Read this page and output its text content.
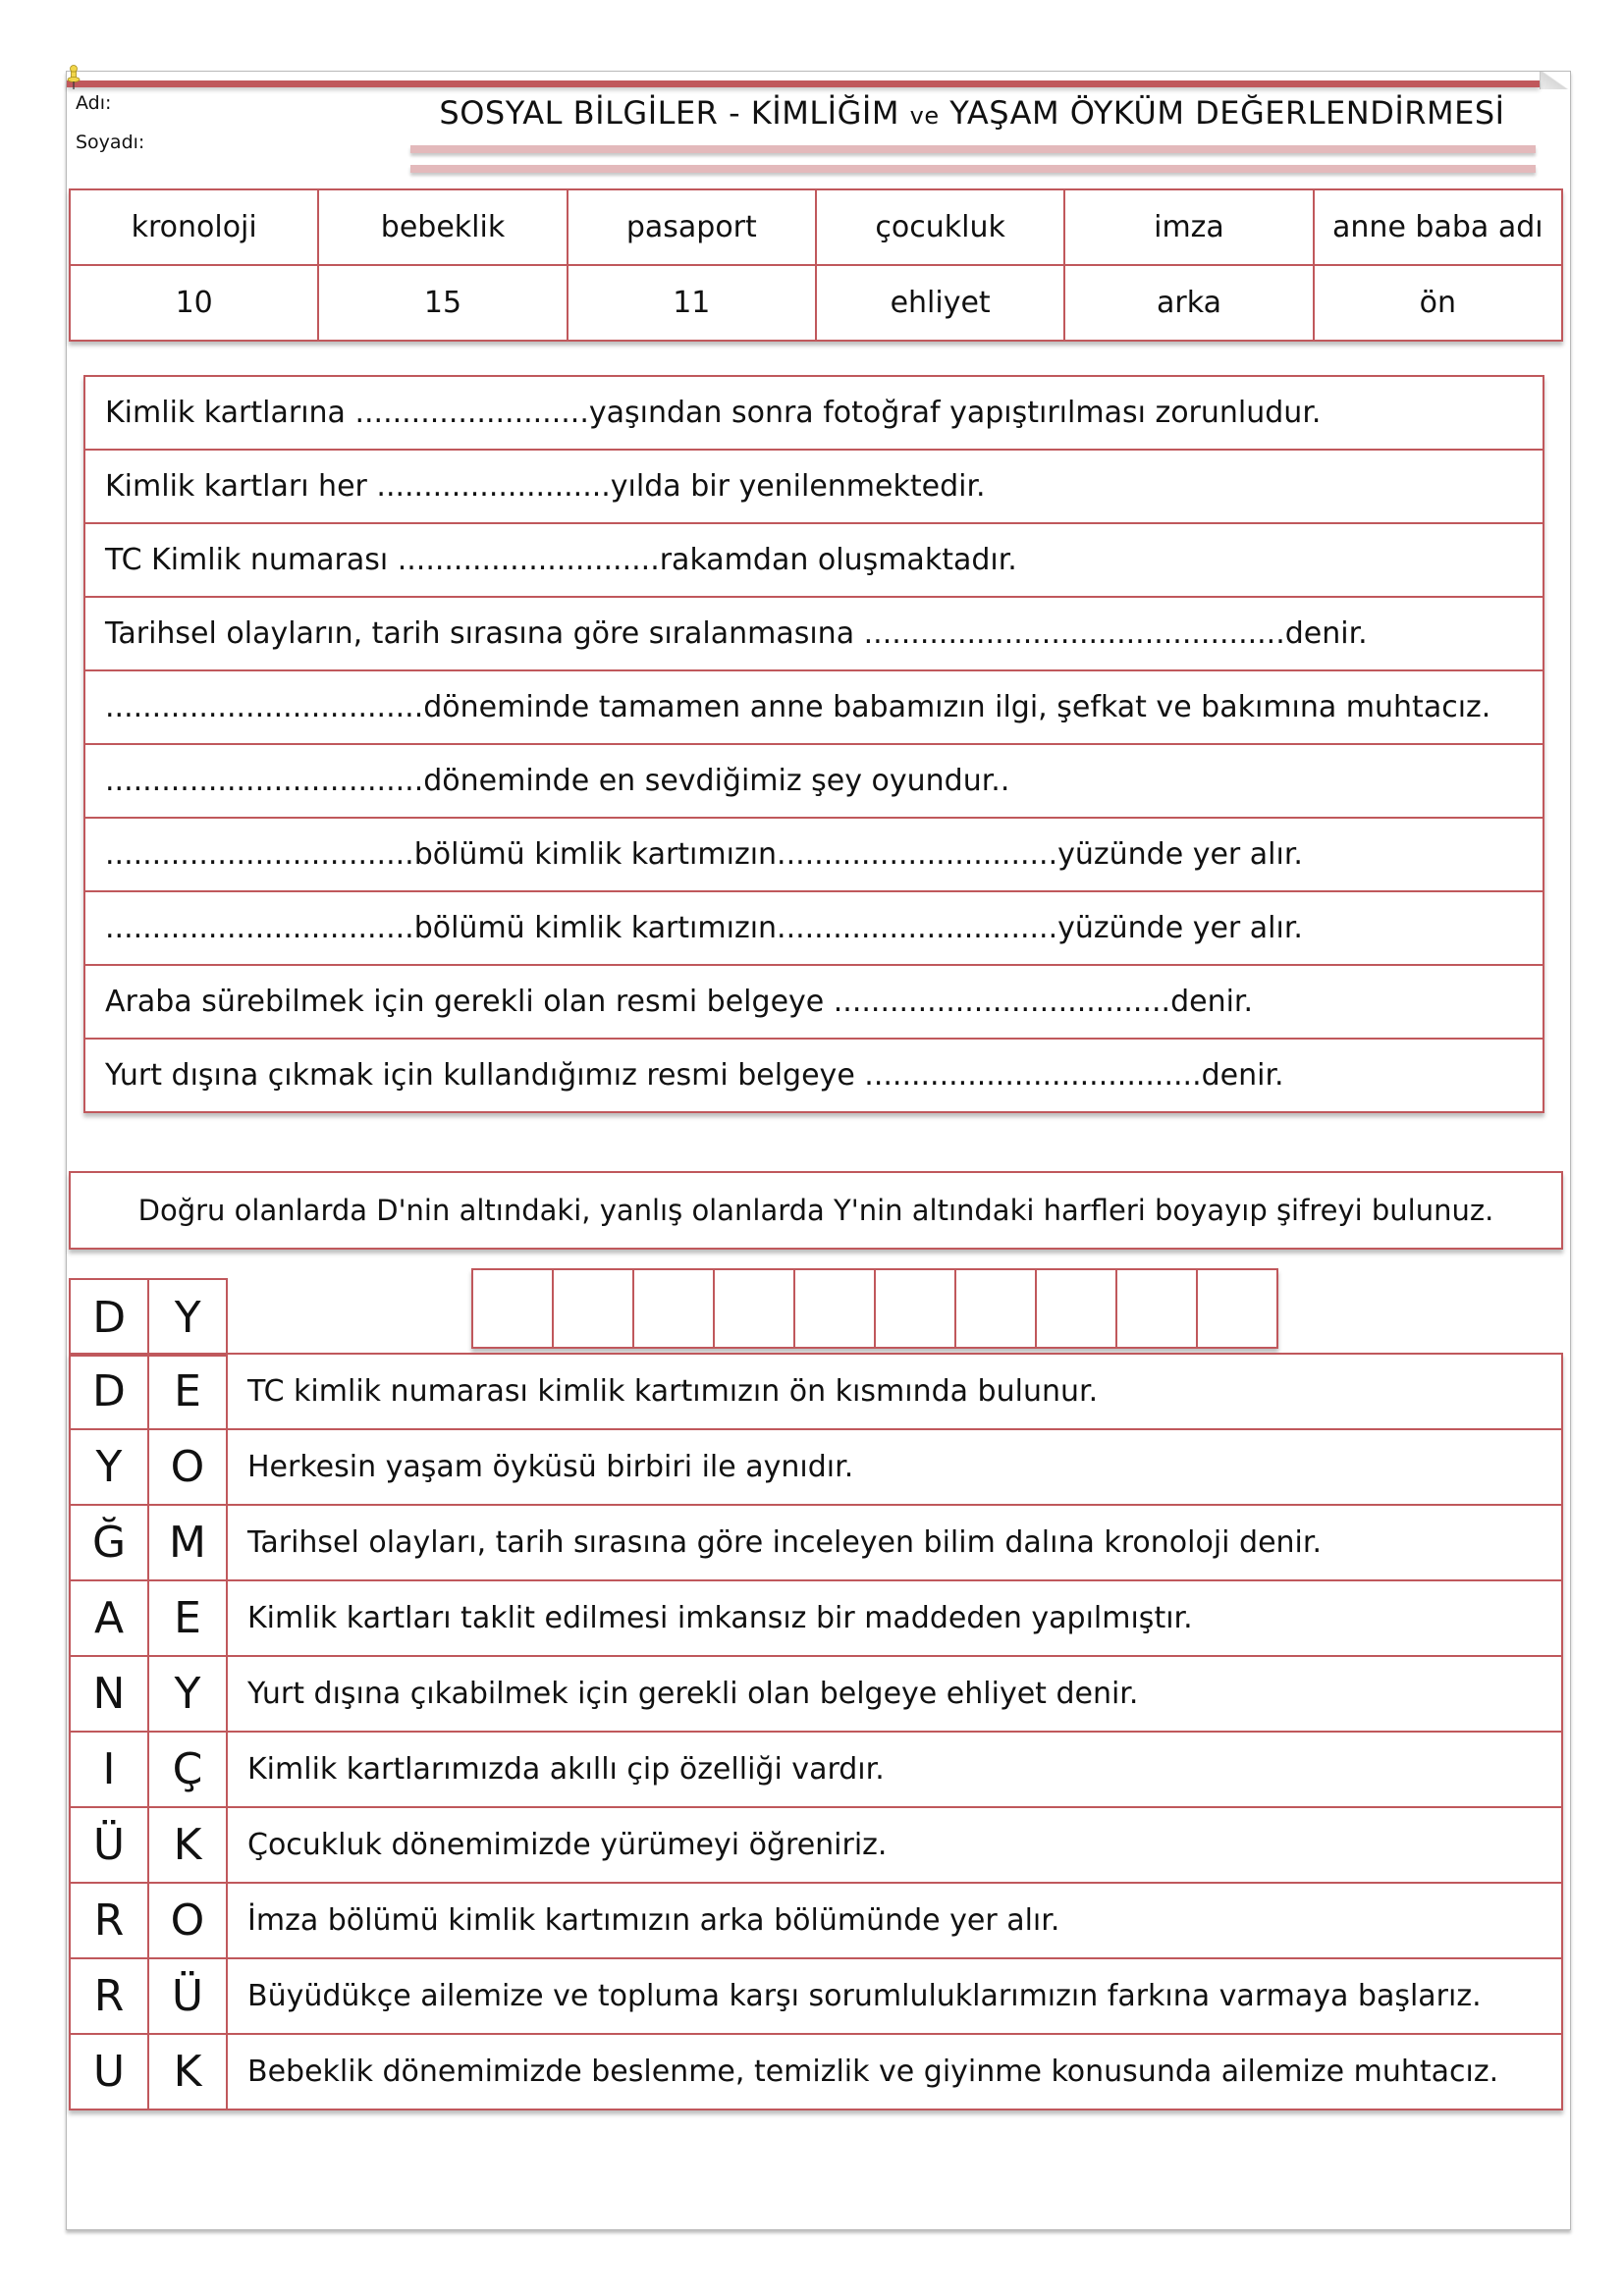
Adı:
Soyadı:
SOSYAL BİLGİLER - KİMLİĞİM ve YAŞAM ÖYKÜM DEĞERLENDİRMESİ
kronoloji	bebeklik	pasaport	çocukluk	imza	anne baba adı
10	15	11	ehliyet	arka	ön
Kimlik kartlarına .........................yaşından sonra fotoğraf yapıştırılması zorunludur.
Kimlik kartları her .........................yılda bir yenilenmektedir.
TC Kimlik numarası ............................rakamdan oluşmaktadır.
Tarihsel olayların, tarih sırasına göre sıralanmasına .............................................denir.
..................................döneminde tamamen anne babamızın ilgi, şefkat ve bakımına muhtacız.
..................................döneminde en sevdiğimiz şey oyundur..
.................................bölümü kimlik kartımızın..............................yüzünde yer alır.
.................................bölümü kimlik kartımızın..............................yüzünde yer alır.
Araba sürebilmek için gerekli olan resmi belgeye ....................................denir.
Yurt dışına çıkmak için kullandığımız resmi belgeye ....................................denir.
Doğru olanlarda D'nin altındaki, yanlış olanlarda Y'nin altındaki harfleri boyayıp şifreyi bulunuz.
D	Y
D	E	TC kimlik numarası kimlik kartımızın ön kısmında bulunur.
Y	O	Herkesin yaşam öyküsü birbiri ile aynıdır.
Ğ	M	Tarihsel olayları, tarih sırasına göre inceleyen bilim dalına kronoloji denir.
A	E	Kimlik kartları taklit edilmesi imkansız bir maddeden yapılmıştır.
N	Y	Yurt dışına çıkabilmek için gerekli olan belgeye ehliyet denir.
I	Ç	Kimlik kartlarımızda akıllı çip özelliği vardır.
Ü	K	Çocukluk dönemimizde yürümeyi öğreniriz.
R	O	İmza bölümü kimlik kartımızın arka bölümünde yer alır.
R	Ü	Büyüdükçe ailemize ve topluma karşı sorumluluklarımızın farkına varmaya başlarız.
U	K	Bebeklik dönemimizde beslenme, temizlik ve giyinme konusunda ailemize muhtacız.
